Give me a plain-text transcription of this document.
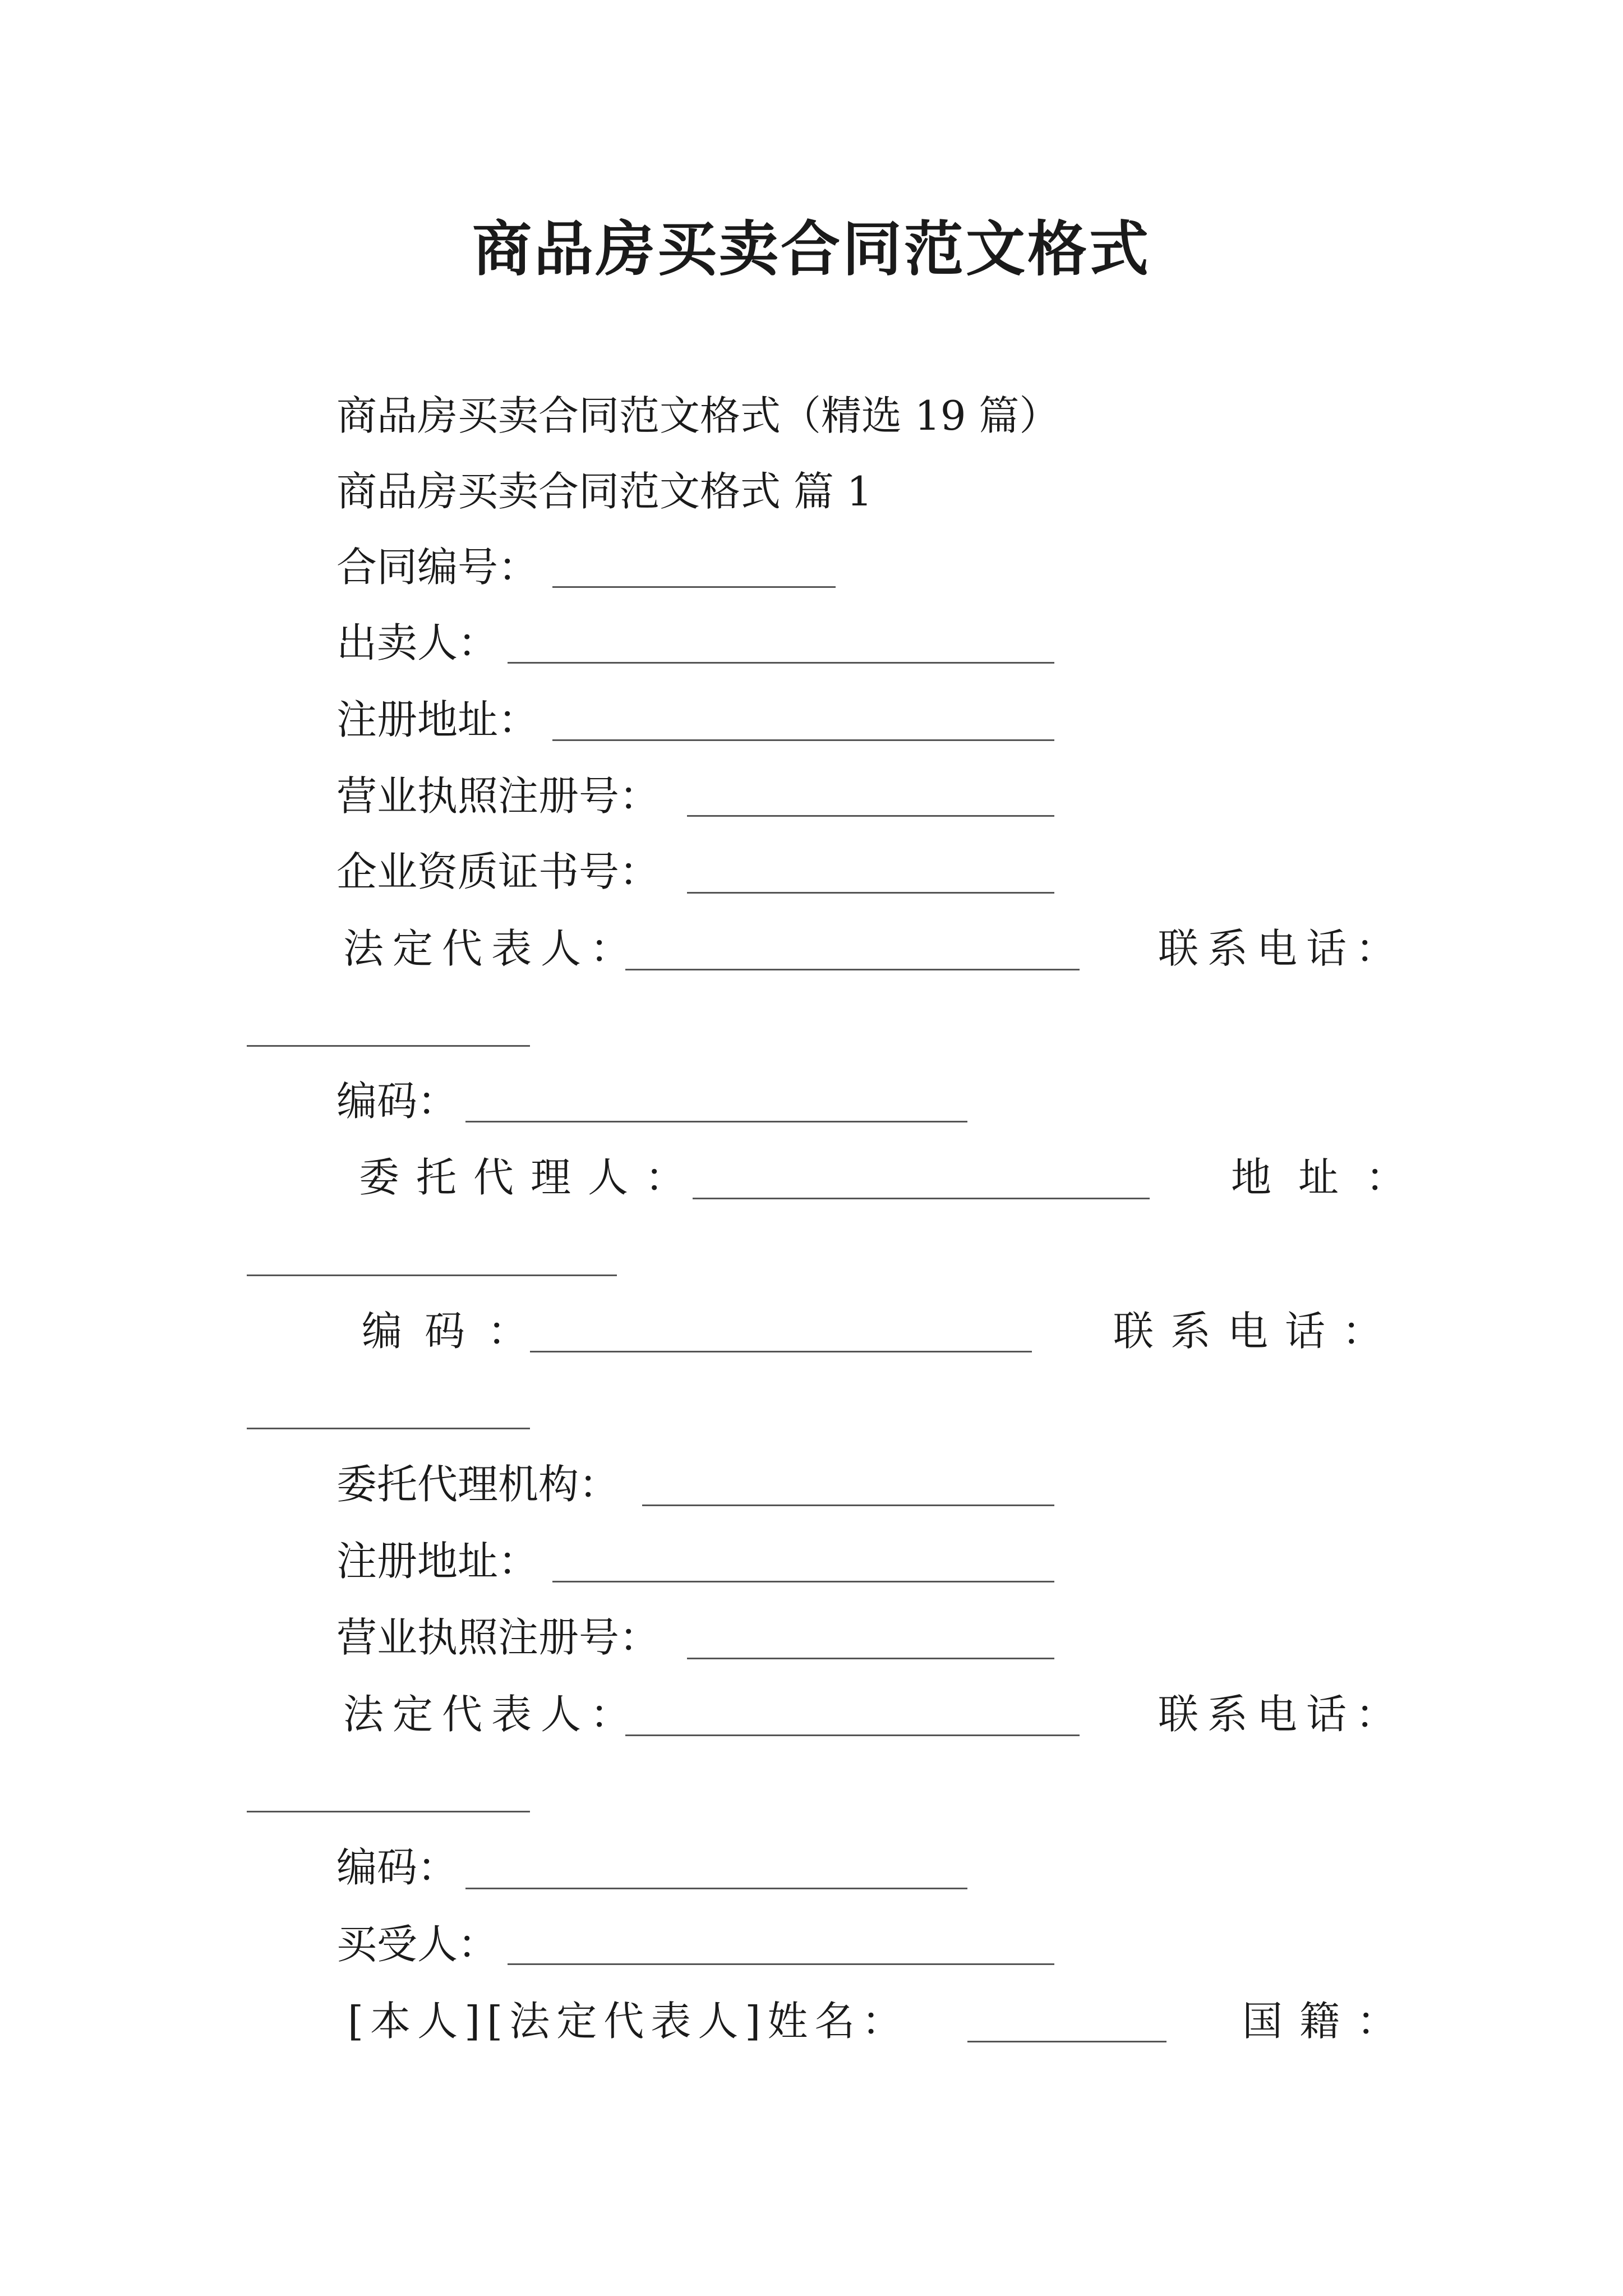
商品房买卖合同范文格式
商品房买卖合同范文格式（精选 19 篇）
商品房买卖合同范文格式 篇 1
合同编号：
出卖人：
注册地址：
营业执照注册号：
企业资质证书号：
法定代表人：	联系电话：
编码：
委托代理人：	地址：
编码：	联系电话：
委托代理机构：
注册地址：
营业执照注册号：
法定代表人：	联系电话：
编码：
买受人：
[本人][法定代表人]姓名：	国籍：
